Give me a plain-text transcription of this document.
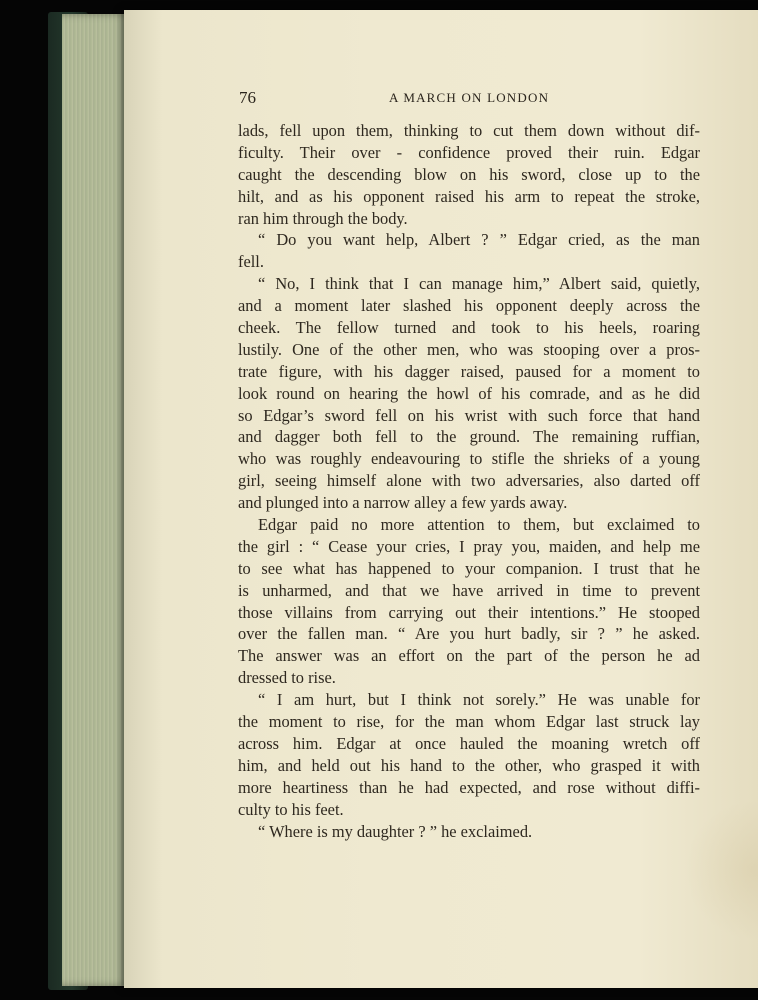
76	A MARCH ON LONDON
lads, fell upon them, thinking to cut them down without dif-
ficulty. Their over - confidence proved their ruin. Edgar
caught the descending blow on his sword, close up to the
hilt, and as his opponent raised his arm to repeat the stroke,
ran him through the body.
“ Do you want help, Albert ? ” Edgar cried, as the man
fell.
“ No, I think that I can manage him,” Albert said, quietly,
and a moment later slashed his opponent deeply across the
cheek. The fellow turned and took to his heels, roaring
lustily. One of the other men, who was stooping over a pros-
trate figure, with his dagger raised, paused for a moment to
look round on hearing the howl of his comrade, and as he did
so Edgar’s sword fell on his wrist with such force that hand
and dagger both fell to the ground. The remaining ruffian,
who was roughly endeavouring to stifle the shrieks of a young
girl, seeing himself alone with two adversaries, also darted off
and plunged into a narrow alley a few yards away.
Edgar paid no more attention to them, but exclaimed to
the girl : “ Cease your cries, I pray you, maiden, and help me
to see what has happened to your companion. I trust that he
is unharmed, and that we have arrived in time to prevent
those villains from carrying out their intentions.” He stooped
over the fallen man. “ Are you hurt badly, sir ? ” he asked.
The answer was an effort on the part of the person he ad
dressed to rise.
“ I am hurt, but I think not sorely.” He was unable for
the moment to rise, for the man whom Edgar last struck lay
across him. Edgar at once hauled the moaning wretch off
him, and held out his hand to the other, who grasped it with
more heartiness than he had expected, and rose without diffi-
culty to his feet.
“ Where is my daughter ? ” he exclaimed.
